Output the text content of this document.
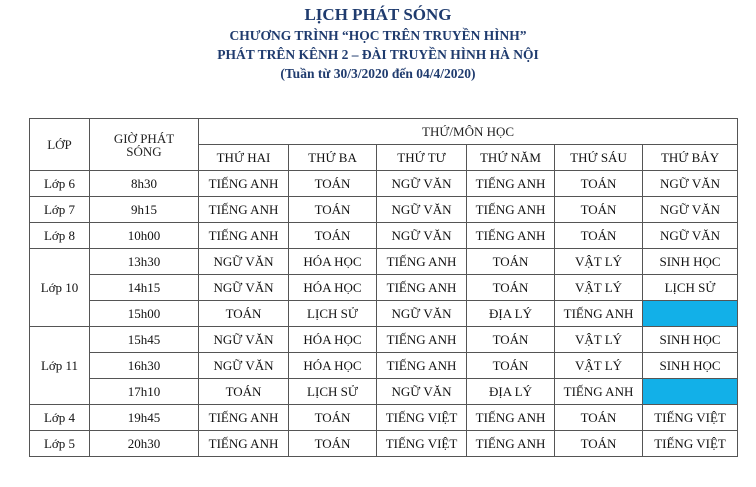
LỊCH PHÁT SÓNG
CHƯƠNG TRÌNH “HỌC TRÊN TRUYỀN HÌNH”
PHÁT TRÊN KÊNH 2 – ĐÀI TRUYỀN HÌNH HÀ NỘI
(Tuần từ 30/3/2020 đến 04/4/2020)
LỚP	GIỜ PHÁT SÓNG	THỨ/MÔN HỌC					
		THỨ HAI	THỨ BA	THỨ TƯ	THỨ NĂM	THỨ SÁU	THỨ BẢY
Lớp 6	8h30	TIẾNG ANH	TOÁN	NGỮ VĂN	TIẾNG ANH	TOÁN	NGỮ VĂN
Lớp 7	9h15	TIẾNG ANH	TOÁN	NGỮ VĂN	TIẾNG ANH	TOÁN	NGỮ VĂN
Lớp 8	10h00	TIẾNG ANH	TOÁN	NGỮ VĂN	TIẾNG ANH	TOÁN	NGỮ VĂN
Lớp 10	13h30	NGỮ VĂN	HÓA HỌC	TIẾNG ANH	TOÁN	VẬT LÝ	SINH HỌC
	14h15	NGỮ VĂN	HÓA HỌC	TIẾNG ANH	TOÁN	VẬT LÝ	LỊCH SỬ
	15h00	TOÁN	LỊCH SỬ	NGỮ VĂN	ĐỊA LÝ	TIẾNG ANH	
Lớp 11	15h45	NGỮ VĂN	HÓA HỌC	TIẾNG ANH	TOÁN	VẬT LÝ	SINH HỌC
	16h30	NGỮ VĂN	HÓA HỌC	TIẾNG ANH	TOÁN	VẬT LÝ	SINH HỌC
	17h10	TOÁN	LỊCH SỬ	NGỮ VĂN	ĐỊA LÝ	TIẾNG ANH	
Lớp 4	19h45	TIẾNG ANH	TOÁN	TIẾNG VIỆT	TIẾNG ANH	TOÁN	TIẾNG VIỆT
Lớp 5	20h30	TIẾNG ANH	TOÁN	TIẾNG VIỆT	TIẾNG ANH	TOÁN	TIẾNG VIỆT
